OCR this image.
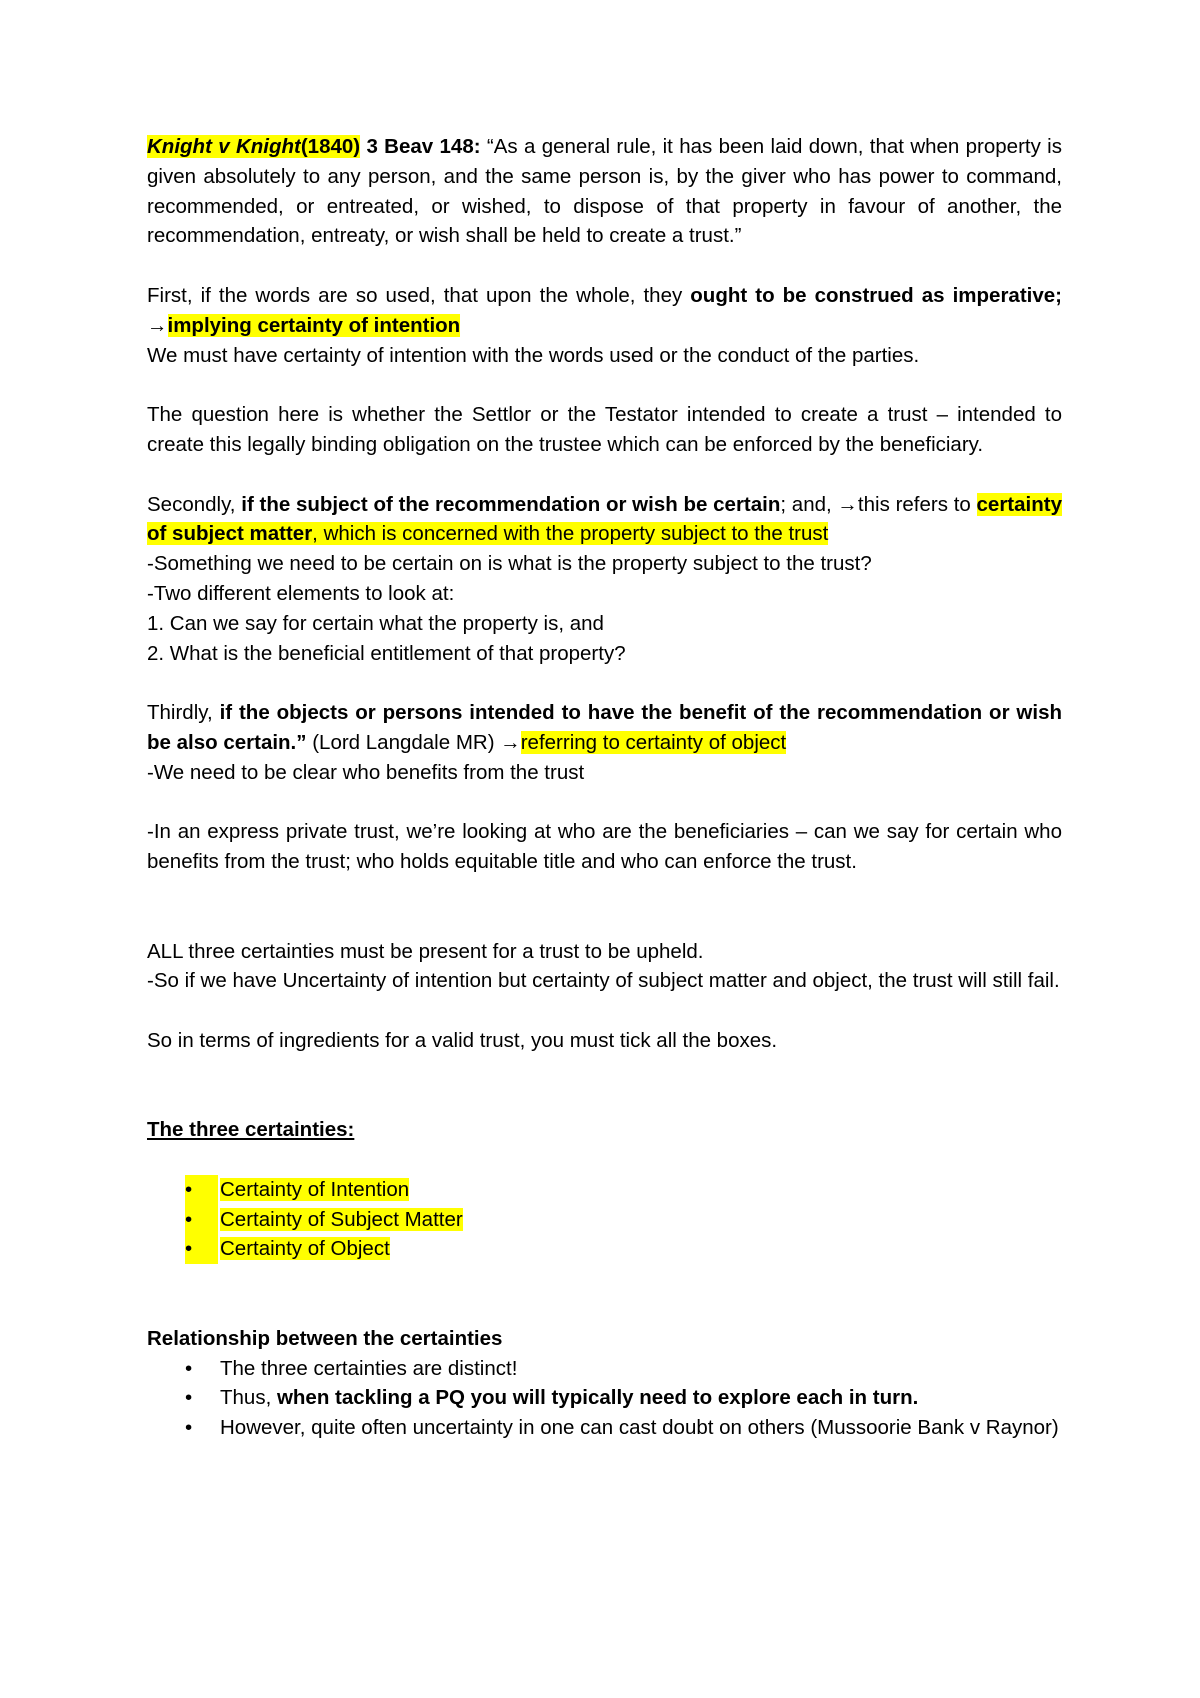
Knight v Knight(1840) 3 Beav 148: “As a general rule, it has been laid down, that when property is given absolutely to any person, and the same person is, by the giver who has power to command, recommended, or entreated, or wished, to dispose of that property in favour of another, the recommendation, entreaty, or wish shall be held to create a trust.”

First, if the words are so used, that upon the whole, they ought to be construed as imperative; →implying certainty of intention

We must have certainty of intention with the words used or the conduct of the parties.

The question here is whether the Settlor or the Testator intended to create a trust – intended to create this legally binding obligation on the trustee which can be enforced by the beneficiary.

Secondly, if the subject of the recommendation or wish be certain; and, →this refers to certainty of subject matter, which is concerned with the property subject to the trust

-Something we need to be certain on is what is the property subject to the trust?

-Two different elements to look at:

1. Can we say for certain what the property is, and

2. What is the beneficial entitlement of that property?

Thirdly, if the objects or persons intended to have the benefit of the recommendation or wish be also certain.” (Lord Langdale MR) →referring to certainty of object

-We need to be clear who benefits from the trust

-In an express private trust, we’re looking at who are the beneficiaries – can we say for certain who benefits from the trust; who holds equitable title and who can enforce the trust.

ALL three certainties must be present for a trust to be upheld.

-So if we have Uncertainty of intention but certainty of subject matter and object, the trust will still fail.

So in terms of ingredients for a valid trust, you must tick all the boxes.

The three certainties:

•	Certainty of Intention
•	Certainty of Subject Matter
•	Certainty of Object

Relationship between the certainties

• The three certainties are distinct!
• Thus, when tackling a PQ you will typically need to explore each in turn.
• However, quite often uncertainty in one can cast doubt on others (Mussoorie Bank v Raynor)
